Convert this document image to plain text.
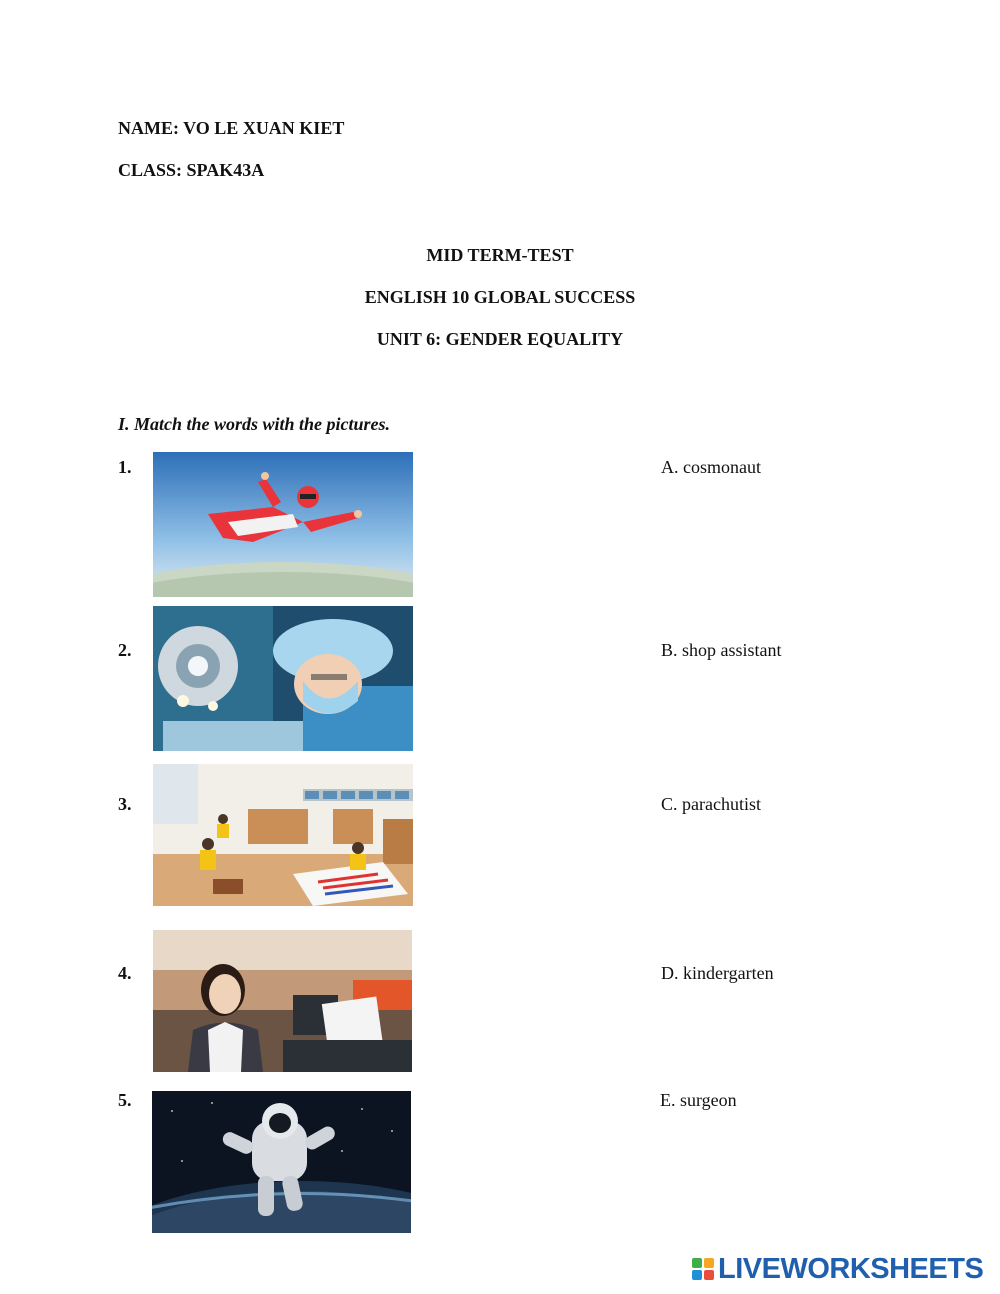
NAME: VO LE XUAN KIET
CLASS: SPAK43A
MID TERM-TEST
ENGLISH 10 GLOBAL SUCCESS
UNIT 6: GENDER EQUALITY
I. Match the words with the pictures.
1.
2.
3.
4.
5.
A. cosmonaut
B. shop assistant
C. parachutist
D. kindergarten
E. surgeon
LIVEWORKSHEETS
